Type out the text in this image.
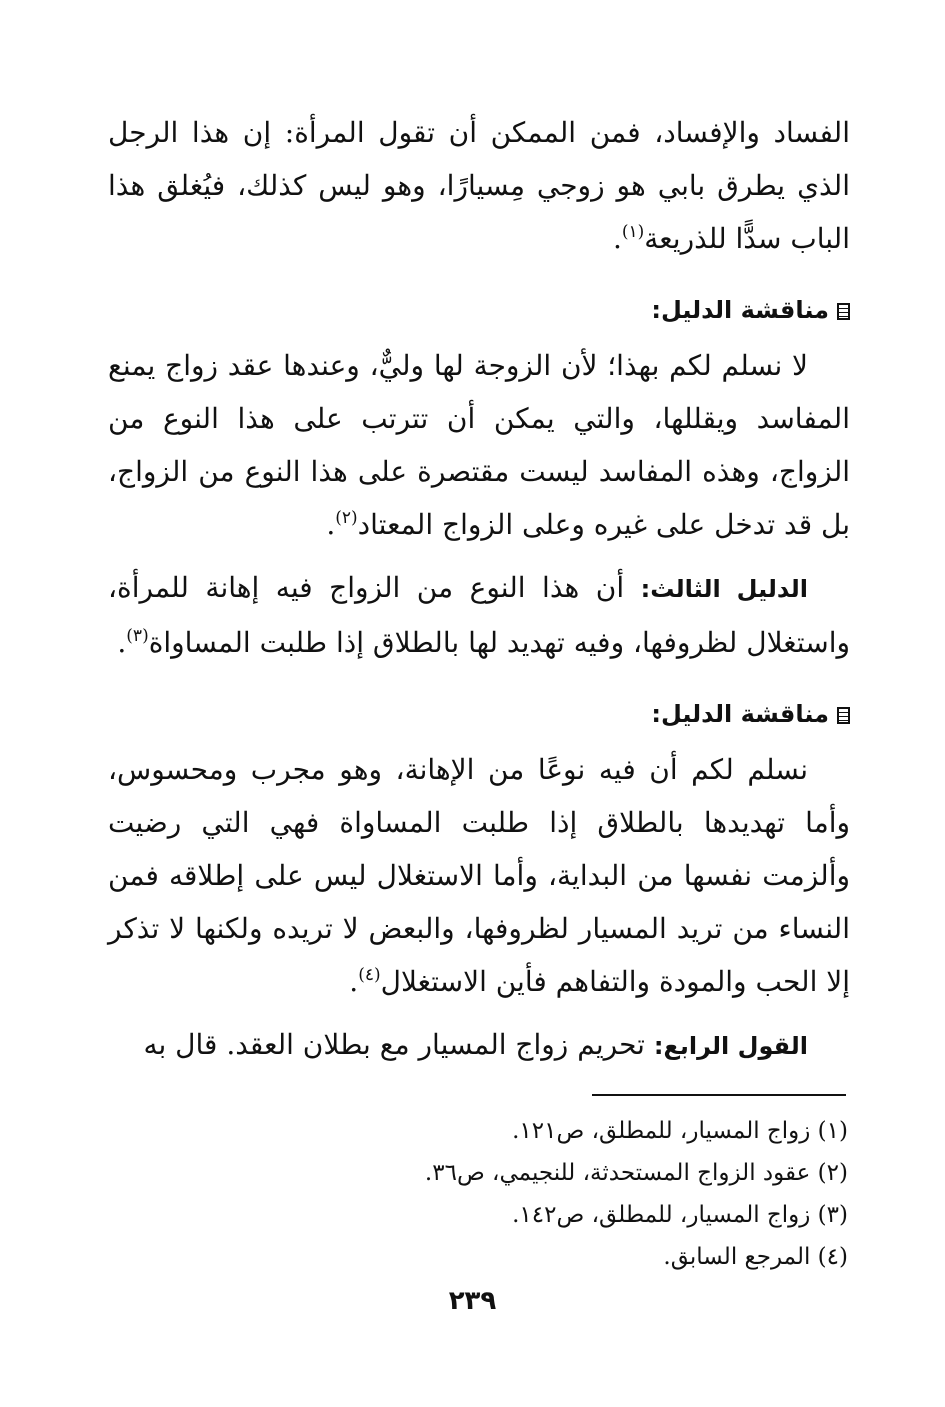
الفساد والإفساد، فمن الممكن أن تقول المرأة: إن هذا الرجل الذي يطرق بابي هو زوجي مِسيارًا، وهو ليس كذلك، فيُغلق هذا الباب سدًّا للذريعة$^{(١)}$.

مناقشة الدليل:

لا نسلم لكم بهذا؛ لأن الزوجة لها وليٌّ، وعندها عقد زواج يمنع المفاسد ويقللها، والتي يمكن أن تترتب على هذا النوع من الزواج، وهذه المفاسد ليست مقتصرة على هذا النوع من الزواج، بل قد تدخل على غيره وعلى الزواج المعتاد$^{(٢)}$.

الدليل الثالث: أن هذا النوع من الزواج فيه إهانة للمرأة، واستغلال لظروفها، وفيه تهديد لها بالطلاق إذا طلبت المساواة$^{(٣)}$.

مناقشة الدليل:

نسلم لكم أن فيه نوعًا من الإهانة، وهو مجرب ومحسوس، وأما تهديدها بالطلاق إذا طلبت المساواة فهي التي رضيت وألزمت نفسها من البداية، وأما الاستغلال ليس على إطلاقه فمن النساء من تريد المسيار لظروفها، والبعض لا تريده ولكنها لا تذكر إلا الحب والمودة والتفاهم فأين الاستغلال$^{(٤)}$.

القول الرابع: تحريم زواج المسيار مع بطلان العقد. قال به

(١) زواج المسيار، للمطلق، ص١٢١.
(٢) عقود الزواج المستحدثة، للنجيمي، ص٣٦.
(٣) زواج المسيار، للمطلق، ص١٤٢.
(٤) المرجع السابق.
٢٣٩
